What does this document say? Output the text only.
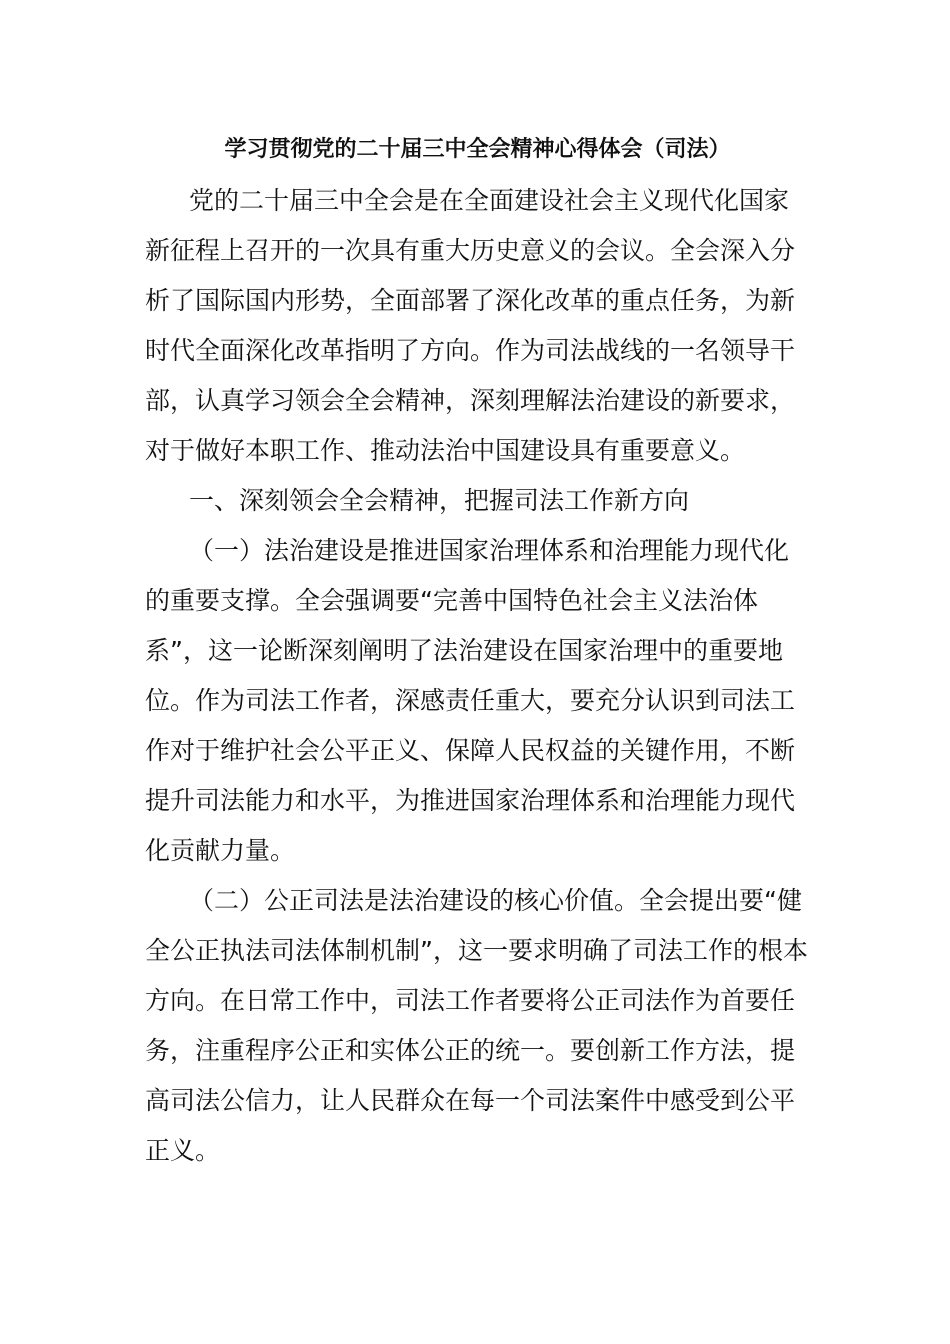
学习贯彻党的二十届三中全会精神心得体会（司法）

党的二十届三中全会是在全面建设社会主义现代化国家新征程上召开的一次具有重大历史意义的会议。全会深入分析了国际国内形势，全面部署了深化改革的重点任务，为新时代全面深化改革指明了方向。作为司法战线的一名领导干部，认真学习领会全会精神，深刻理解法治建设的新要求，对于做好本职工作、推动法治中国建设具有重要意义。

一、深刻领会全会精神，把握司法工作新方向

（一）法治建设是推进国家治理体系和治理能力现代化的重要支撑。全会强调要“完善中国特色社会主义法治体系”，这一论断深刻阐明了法治建设在国家治理中的重要地位。作为司法工作者，深感责任重大，要充分认识到司法工作对于维护社会公平正义、保障人民权益的关键作用，不断提升司法能力和水平，为推进国家治理体系和治理能力现代化贡献力量。

（二）公正司法是法治建设的核心价值。全会提出要“健全公正执法司法体制机制”，这一要求明确了司法工作的根本方向。在日常工作中，司法工作者要将公正司法作为首要任务，注重程序公正和实体公正的统一。要创新工作方法，提高司法公信力，让人民群众在每一个司法案件中感受到公平正义。
